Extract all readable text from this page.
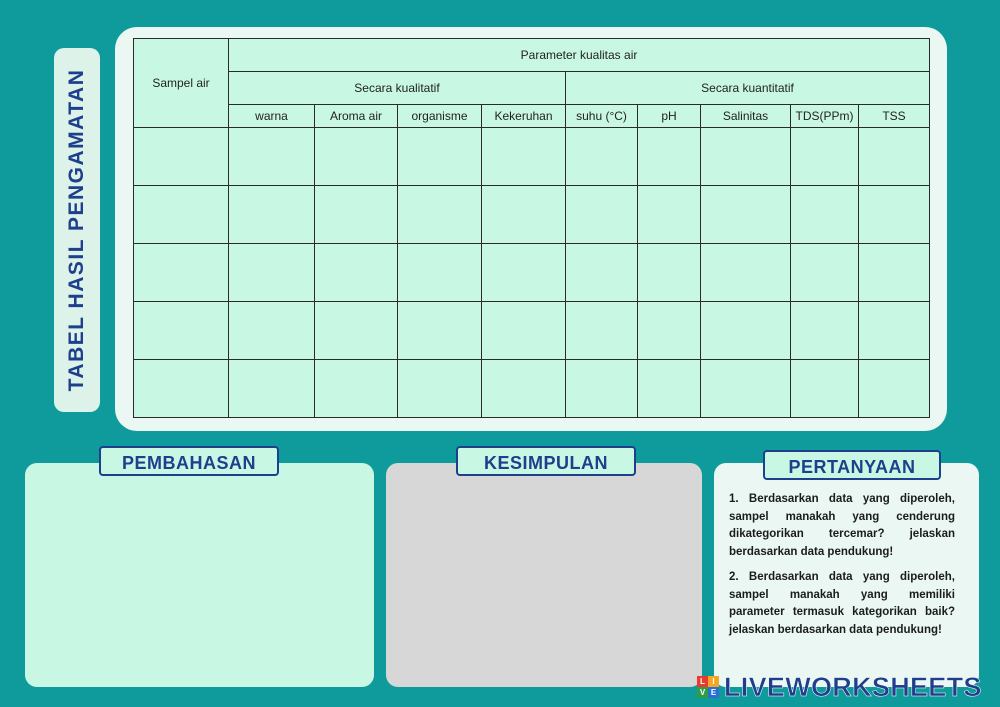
TABEL HASIL PENGAMATAN	Sampel air	Parameter kualitas air								
	Secara kualitatif				Secara kuantitatif				
	warna	Aroma air	organisme	Kekeruhan	suhu (°C)	pH	Salinitas	TDS(PPm)	TSS

PEMBAHASAN	KESIMPULAN	PERTANYAAN

1. Berdasarkan data yang diperoleh, sampel manakah yang cenderung dikategorikan tercemar? jelaskan berdasarkan data pendukung!

2. Berdasarkan data yang diperoleh, sampel manakah yang memiliki parameter termasuk kategorikan baik? jelaskan berdasarkan data pendukung!

L I
V E LIVEWORKSHEETS
